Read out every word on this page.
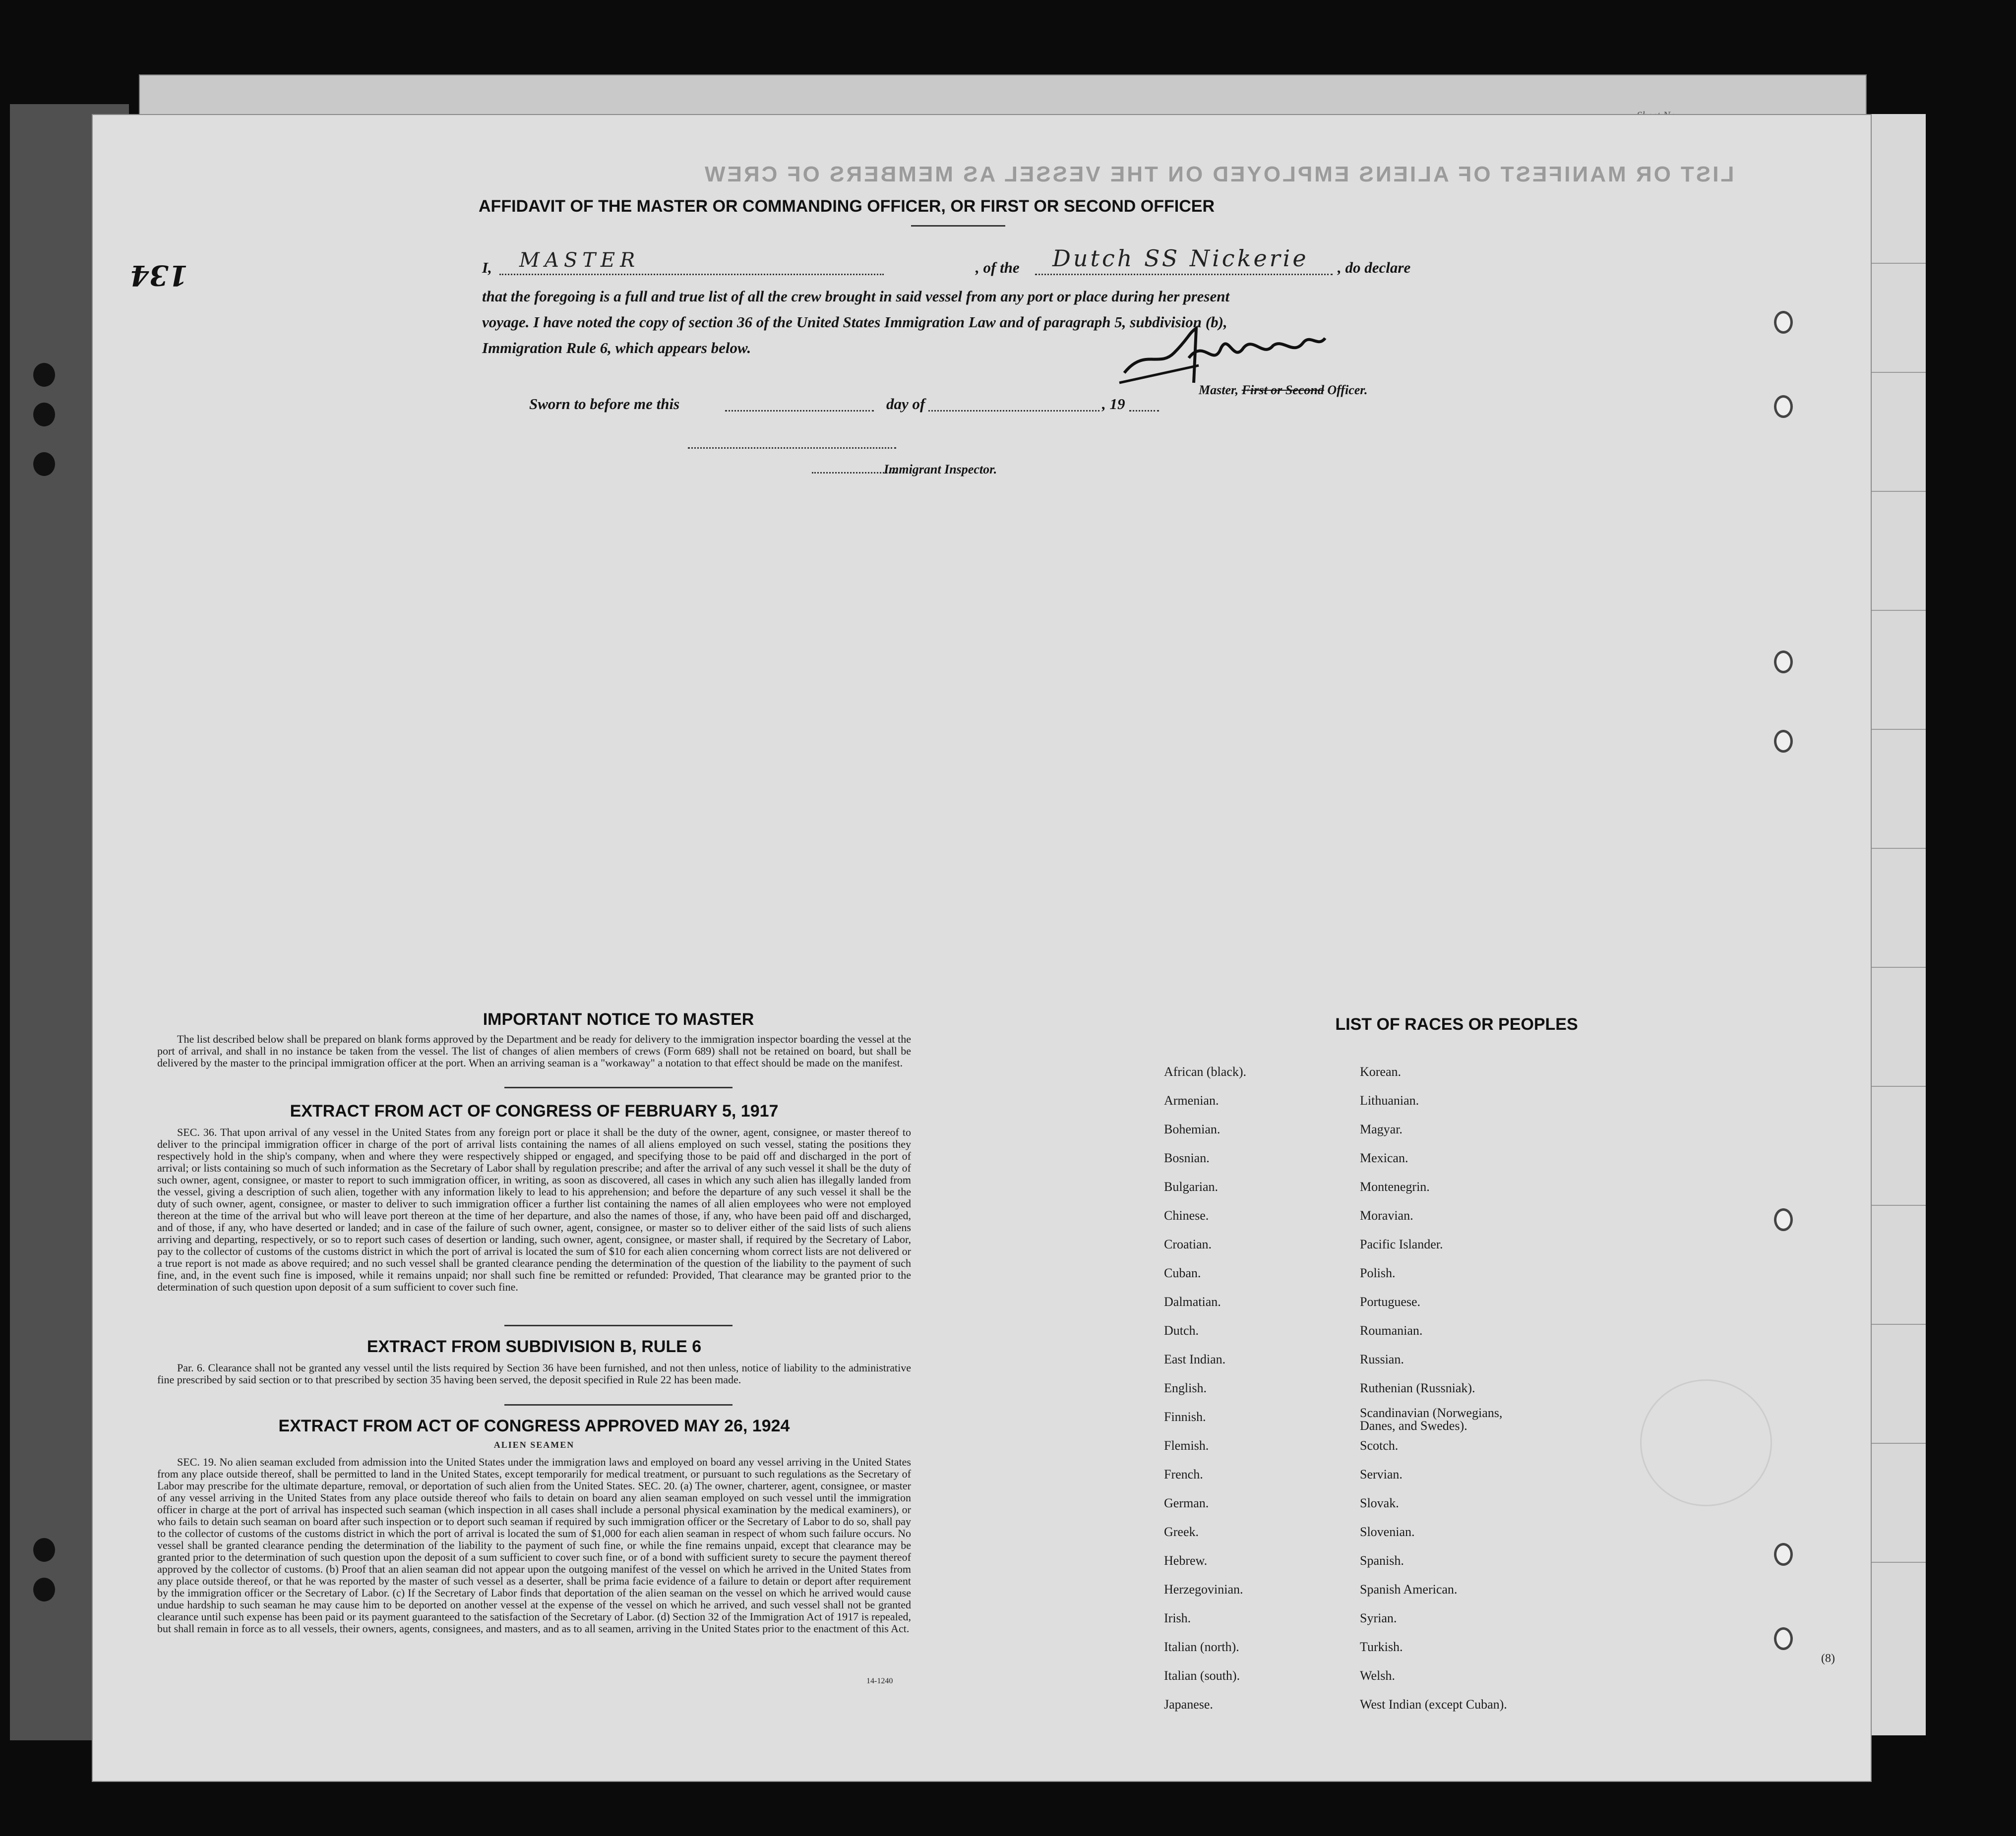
LIST OR MANIFEST OF ALIENS EMPLOYED ON THE VESSEL AS MEMBERS OF CREW
134
AFFIDAVIT OF THE MASTER OR COMMANDING OFFICER, OR FIRST OR SECOND OFFICER
I, MASTER	, of the Dutch SS Nickerie , do declare
that the foregoing is a full and true list of all the crew brought in said vessel from any port or place during her present
voyage. I have noted the copy of section 36 of the United States Immigration Law and of paragraph 5, subdivision (b),
Immigration Rule 6, which appears below.
Master, First or Second Officer.
Sworn to before me this	day of	, 19
Immigrant Inspector.
IMPORTANT NOTICE TO MASTER
The list described below shall be prepared on blank forms approved by the Department and be ready for delivery to the immigration inspector boarding the vessel at the port of arrival, and shall in no instance be taken from the vessel. The list of changes of alien members of crews (Form 689) shall not be retained on board, but shall be delivered by the master to the principal immigration officer at the port. When an arriving seaman is a "workaway" a notation to that effect should be made on the manifest.
EXTRACT FROM ACT OF CONGRESS OF FEBRUARY 5, 1917
SEC. 36. That upon arrival of any vessel in the United States from any foreign port or place it shall be the duty of the owner, agent, consignee, or master thereof to deliver to the principal immigration officer in charge of the port of arrival lists containing the names of all aliens employed on such vessel, stating the positions they respectively hold in the ship's company, when and where they were respectively shipped or engaged, and specifying those to be paid off and discharged in the port of arrival; or lists containing so much of such information as the Secretary of Labor shall by regulation prescribe; and after the arrival of any such vessel it shall be the duty of such owner, agent, consignee, or master to report to such immigration officer, in writing, as soon as discovered, all cases in which any such alien has illegally landed from the vessel, giving a description of such alien, together with any information likely to lead to his apprehension; and before the departure of any such vessel it shall be the duty of such owner, agent, consignee, or master to deliver to such immigration officer a further list containing the names of all alien employees who were not employed thereon at the time of the arrival but who will leave port thereon at the time of her departure, and also the names of those, if any, who have been paid off and discharged, and of those, if any, who have deserted or landed; and in case of the failure of such owner, agent, consignee, or master so to deliver either of the said lists of such aliens arriving and departing, respectively, or so to report such cases of desertion or landing, such owner, agent, consignee, or master shall, if required by the Secretary of Labor, pay to the collector of customs of the customs district in which the port of arrival is located the sum of $10 for each alien concerning whom correct lists are not delivered or a true report is not made as above required; and no such vessel shall be granted clearance pending the determination of the question of the liability to the payment of such fine, and, in the event such fine is imposed, while it remains unpaid; nor shall such fine be remitted or refunded: Provided, That clearance may be granted prior to the determination of such question upon deposit of a sum sufficient to cover such fine.
EXTRACT FROM SUBDIVISION B, RULE 6
Par. 6. Clearance shall not be granted any vessel until the lists required by Section 36 have been furnished, and not then unless, notice of liability to the administrative fine prescribed by said section or to that prescribed by section 35 having been served, the deposit specified in Rule 22 has been made.
EXTRACT FROM ACT OF CONGRESS APPROVED MAY 26, 1924
ALIEN SEAMEN
SEC. 19. No alien seaman excluded from admission into the United States under the immigration laws and employed on board any vessel arriving in the United States from any place outside thereof, shall be permitted to land in the United States, except temporarily for medical treatment, or pursuant to such regulations as the Secretary of Labor may prescribe for the ultimate departure, removal, or deportation of such alien from the United States. SEC. 20. (a) The owner, charterer, agent, consignee, or master of any vessel arriving in the United States from any place outside thereof who fails to detain on board any alien seaman employed on such vessel until the immigration officer in charge at the port of arrival has inspected such seaman (which inspection in all cases shall include a personal physical examination by the medical examiners), or who fails to detain such seaman on board after such inspection or to deport such seaman if required by such immigration officer or the Secretary of Labor to do so, shall pay to the collector of customs of the customs district in which the port of arrival is located the sum of $1,000 for each alien seaman in respect of whom such failure occurs. No vessel shall be granted clearance pending the determination of the liability to the payment of such fine, or while the fine remains unpaid, except that clearance may be granted prior to the determination of such question upon the deposit of a sum sufficient to cover such fine, or of a bond with sufficient surety to secure the payment thereof approved by the collector of customs. (b) Proof that an alien seaman did not appear upon the outgoing manifest of the vessel on which he arrived in the United States from any place outside thereof, or that he was reported by the master of such vessel as a deserter, shall be prima facie evidence of a failure to detain or deport after requirement by the immigration officer or the Secretary of Labor. (c) If the Secretary of Labor finds that deportation of the alien seaman on the vessel on which he arrived would cause undue hardship to such seaman he may cause him to be deported on another vessel at the expense of the vessel on which he arrived, and such vessel shall not be granted clearance until such expense has been paid or its payment guaranteed to the satisfaction of the Secretary of Labor. (d) Section 32 of the Immigration Act of 1917 is repealed, but shall remain in force as to all vessels, their owners, agents, consignees, and masters, and as to all seamen, arriving in the United States prior to the enactment of this Act.
14-1240
LIST OF RACES OR PEOPLES
(8)
African (black).
Armenian.
Bohemian.
Bosnian.
Bulgarian.
Chinese.
Croatian.
Cuban.
Dalmatian.
Dutch.
East Indian.
English.
Finnish.
Flemish.
French.
German.
Greek.
Hebrew.
Herzegovinian.
Irish.
Italian (north).
Italian (south).
Japanese.
Korean.
Lithuanian.
Magyar.
Mexican.
Montenegrin.
Moravian.
Pacific Islander.
Polish.
Portuguese.
Roumanian.
Russian.
Ruthenian (Russniak).
Scandinavian (Norwegians, Danes, and Swedes).
Scotch.
Servian.
Slovak.
Slovenian.
Spanish.
Spanish American.
Syrian.
Turkish.
Welsh.
West Indian (except Cuban).
